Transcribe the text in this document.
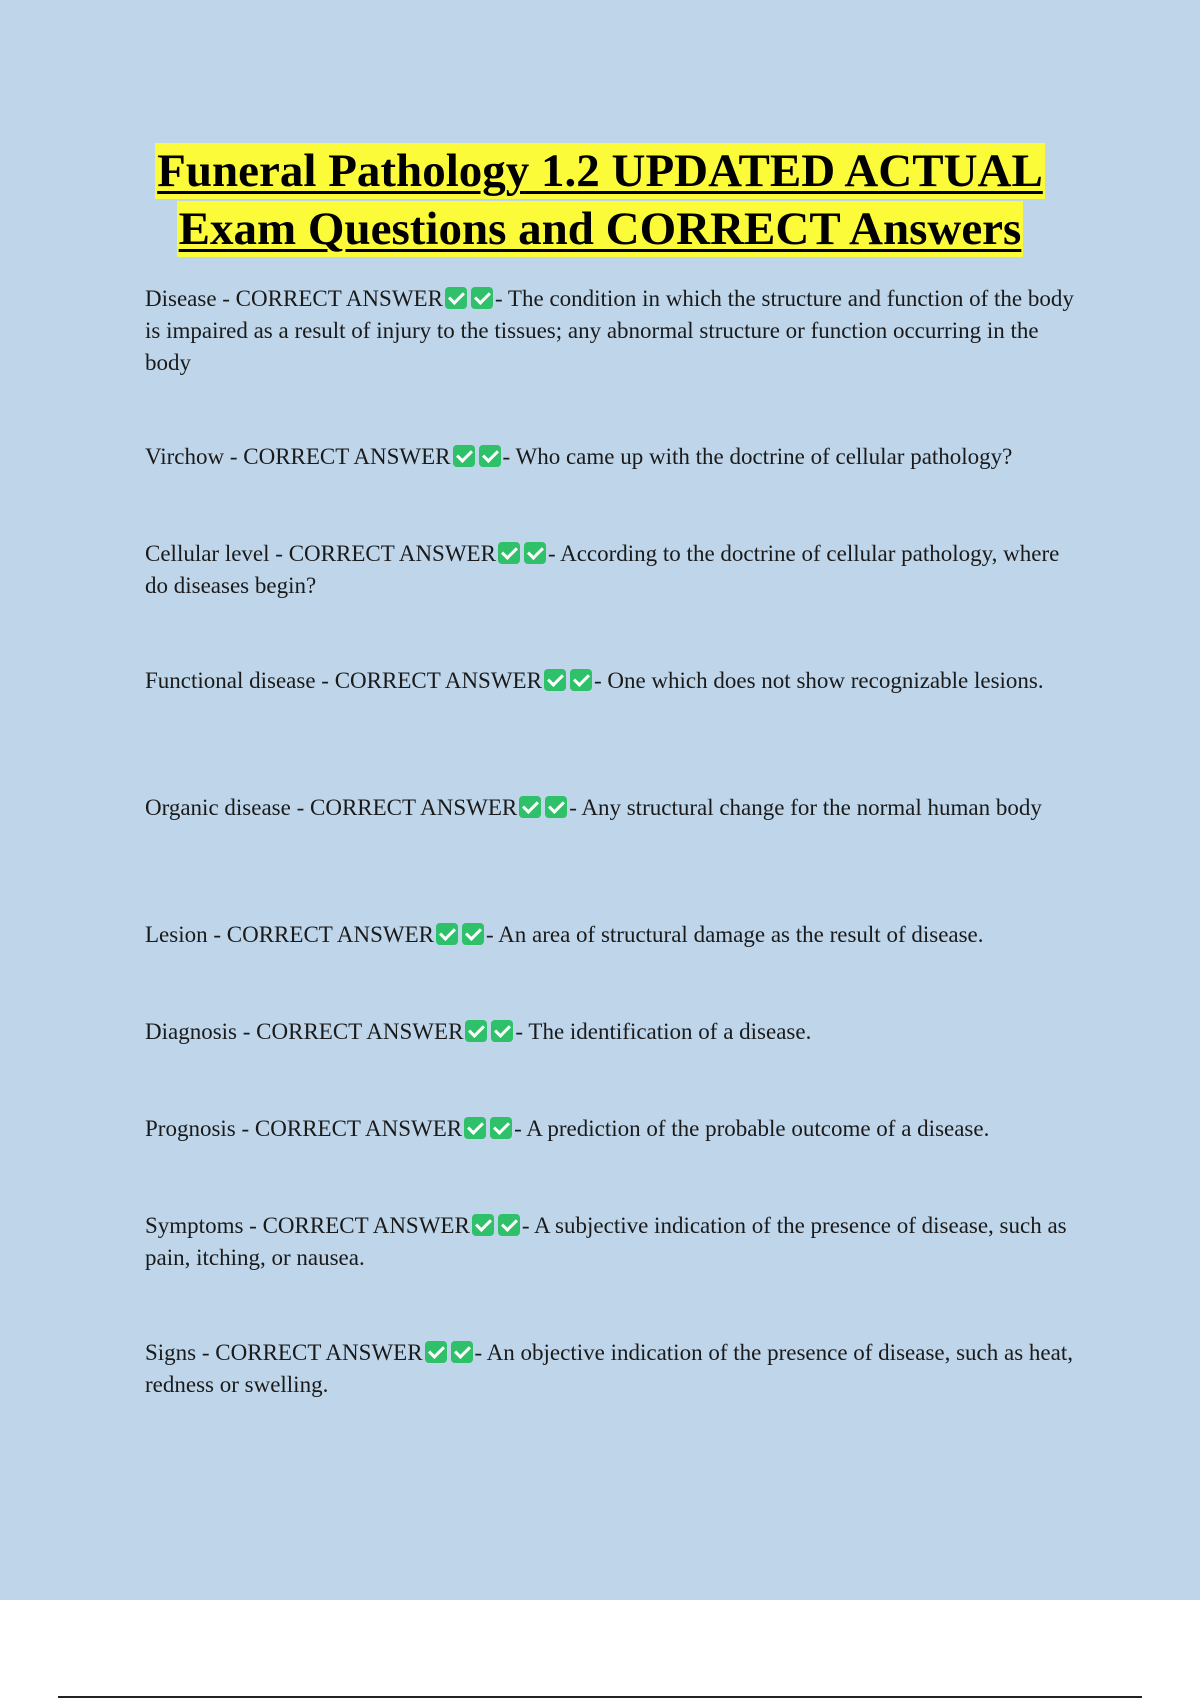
Funeral Pathology 1.2 UPDATED ACTUAL
Exam Questions and CORRECT Answers

Disease - CORRECT ANSWER - The condition in which the structure and function of the body is impaired as a result of injury to the tissues; any abnormal structure or function occurring in the body

Virchow - CORRECT ANSWER - Who came up with the doctrine of cellular pathology?

Cellular level - CORRECT ANSWER - According to the doctrine of cellular pathology, where do diseases begin?

Functional disease - CORRECT ANSWER - One which does not show recognizable lesions.

Organic disease - CORRECT ANSWER - Any structural change for the normal human body

Lesion - CORRECT ANSWER - An area of structural damage as the result of disease.

Diagnosis - CORRECT ANSWER - The identification of a disease.

Prognosis - CORRECT ANSWER - A prediction of the probable outcome of a disease.

Symptoms - CORRECT ANSWER - A subjective indication of the presence of disease, such as pain, itching, or nausea.

Signs - CORRECT ANSWER - An objective indication of the presence of disease, such as heat, redness or swelling.
